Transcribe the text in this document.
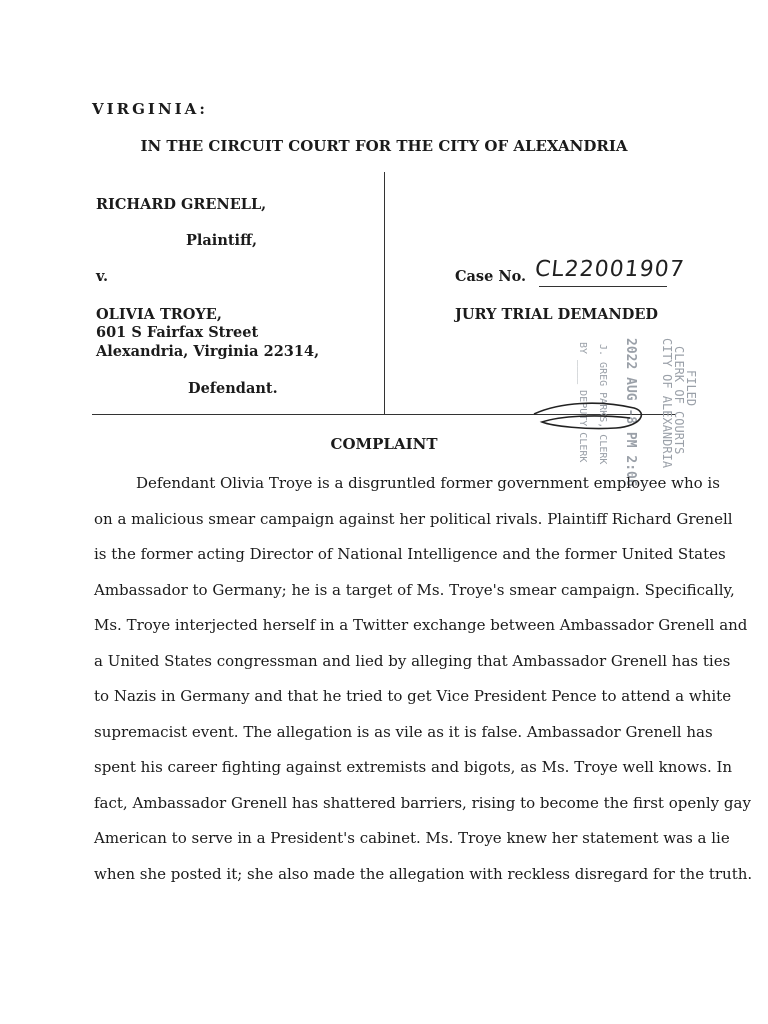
VIRGINIA:
IN THE CIRCUIT COURT FOR THE CITY OF ALEXANDRIA
RICHARD GRENELL,
Plaintiff,
v.
OLIVIA TROYE,
601 S Fairfax Street
Alexandria, Virginia 22314,
Defendant.
Case No. CL22001907
JURY TRIAL DEMANDED
FILED
CLERK OF COURTS
CITY OF ALEXANDRIA
2022 AUG -8 PM 2:06
J. GREG PARKS, CLERK
BY ____ DEPUTY CLERK
COMPLAINT
Defendant Olivia Troye is a disgruntled former government employee who is
on a malicious smear campaign against her political rivals. Plaintiff Richard Grenell
is the former acting Director of National Intelligence and the former United States
Ambassador to Germany; he is a target of Ms. Troye's smear campaign. Specifically,
Ms. Troye interjected herself in a Twitter exchange between Ambassador Grenell and
a United States congressman and lied by alleging that Ambassador Grenell has ties
to Nazis in Germany and that he tried to get Vice President Pence to attend a white
supremacist event. The allegation is as vile as it is false. Ambassador Grenell has
spent his career fighting against extremists and bigots, as Ms. Troye well knows. In
fact, Ambassador Grenell has shattered barriers, rising to become the first openly gay
American to serve in a President's cabinet. Ms. Troye knew her statement was a lie
when she posted it; she also made the allegation with reckless disregard for the truth.
